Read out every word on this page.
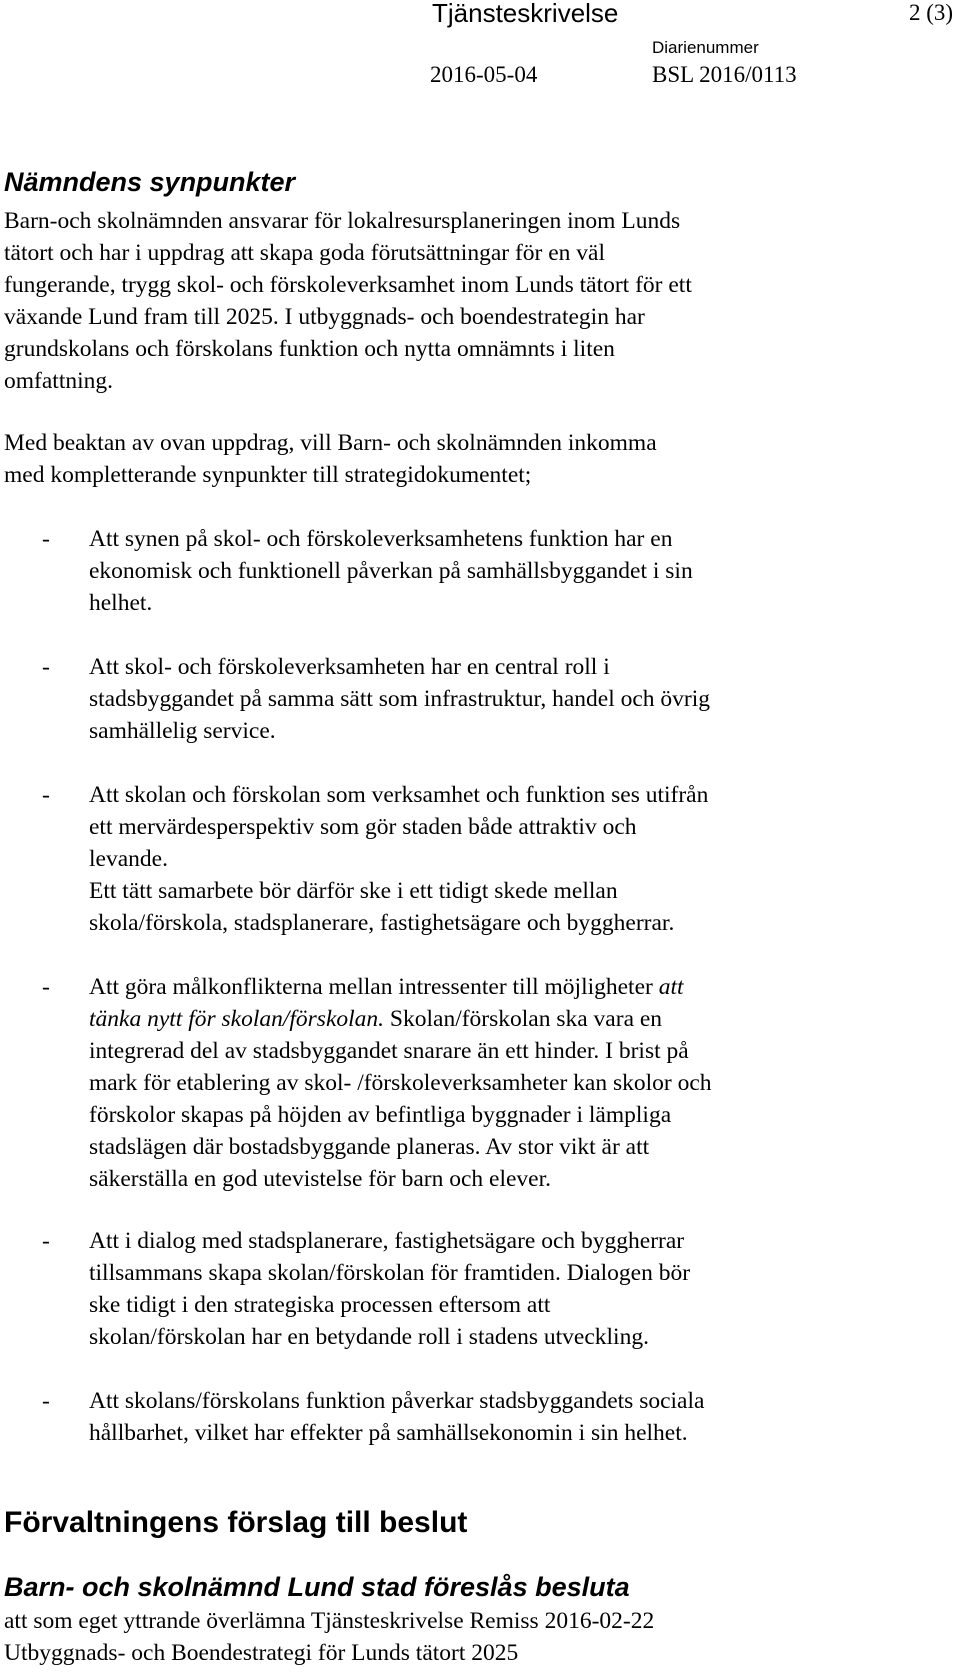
Tjänsteskrivelse	2 (3)
Diarienummer
2016-05-04	BSL 2016/0113
Nämndens synpunkter
Barn-och skolnämnden ansvarar för lokalresursplaneringen inom Lunds
tätort och har i uppdrag att skapa goda förutsättningar för en väl
fungerande, trygg skol- och förskoleverksamhet inom Lunds tätort för ett
växande Lund fram till 2025. I utbyggnads- och boendestrategin har
grundskolans och förskolans funktion och nytta omnämnts i liten
omfattning.
Med beaktan av ovan uppdrag, vill Barn- och skolnämnden inkomma
med kompletterande synpunkter till strategidokumentet;
- Att synen på skol- och förskoleverksamhetens funktion har en
ekonomisk och funktionell påverkan på samhällsbyggandet i sin
helhet.
- Att skol- och förskoleverksamheten har en central roll i
stadsbyggandet på samma sätt som infrastruktur, handel och övrig
samhällelig service.
- Att skolan och förskolan som verksamhet och funktion ses utifrån
ett mervärdesperspektiv som gör staden både attraktiv och
levande.
Ett tätt samarbete bör därför ske i ett tidigt skede mellan
skola/förskola, stadsplanerare, fastighetsägare och byggherrar.
- Att göra målkonflikterna mellan intressenter till möjligheter att
tänka nytt för skolan/förskolan. Skolan/förskolan ska vara en
integrerad del av stadsbyggandet snarare än ett hinder. I brist på
mark för etablering av skol- /förskoleverksamheter kan skolor och
förskolor skapas på höjden av befintliga byggnader i lämpliga
stadslägen där bostadsbyggande planeras. Av stor vikt är att
säkerställa en god utevistelse för barn och elever.
- Att i dialog med stadsplanerare, fastighetsägare och byggherrar
tillsammans skapa skolan/förskolan för framtiden. Dialogen bör
ske tidigt i den strategiska processen eftersom att
skolan/förskolan har en betydande roll i stadens utveckling.
- Att skolans/förskolans funktion påverkar stadsbyggandets sociala
hållbarhet, vilket har effekter på samhällsekonomin i sin helhet.
Förvaltningens förslag till beslut
Barn- och skolnämnd Lund stad föreslås besluta
att som eget yttrande överlämna Tjänsteskrivelse Remiss 2016-02-22
Utbyggnads- och Boendestrategi för Lunds tätort 2025
